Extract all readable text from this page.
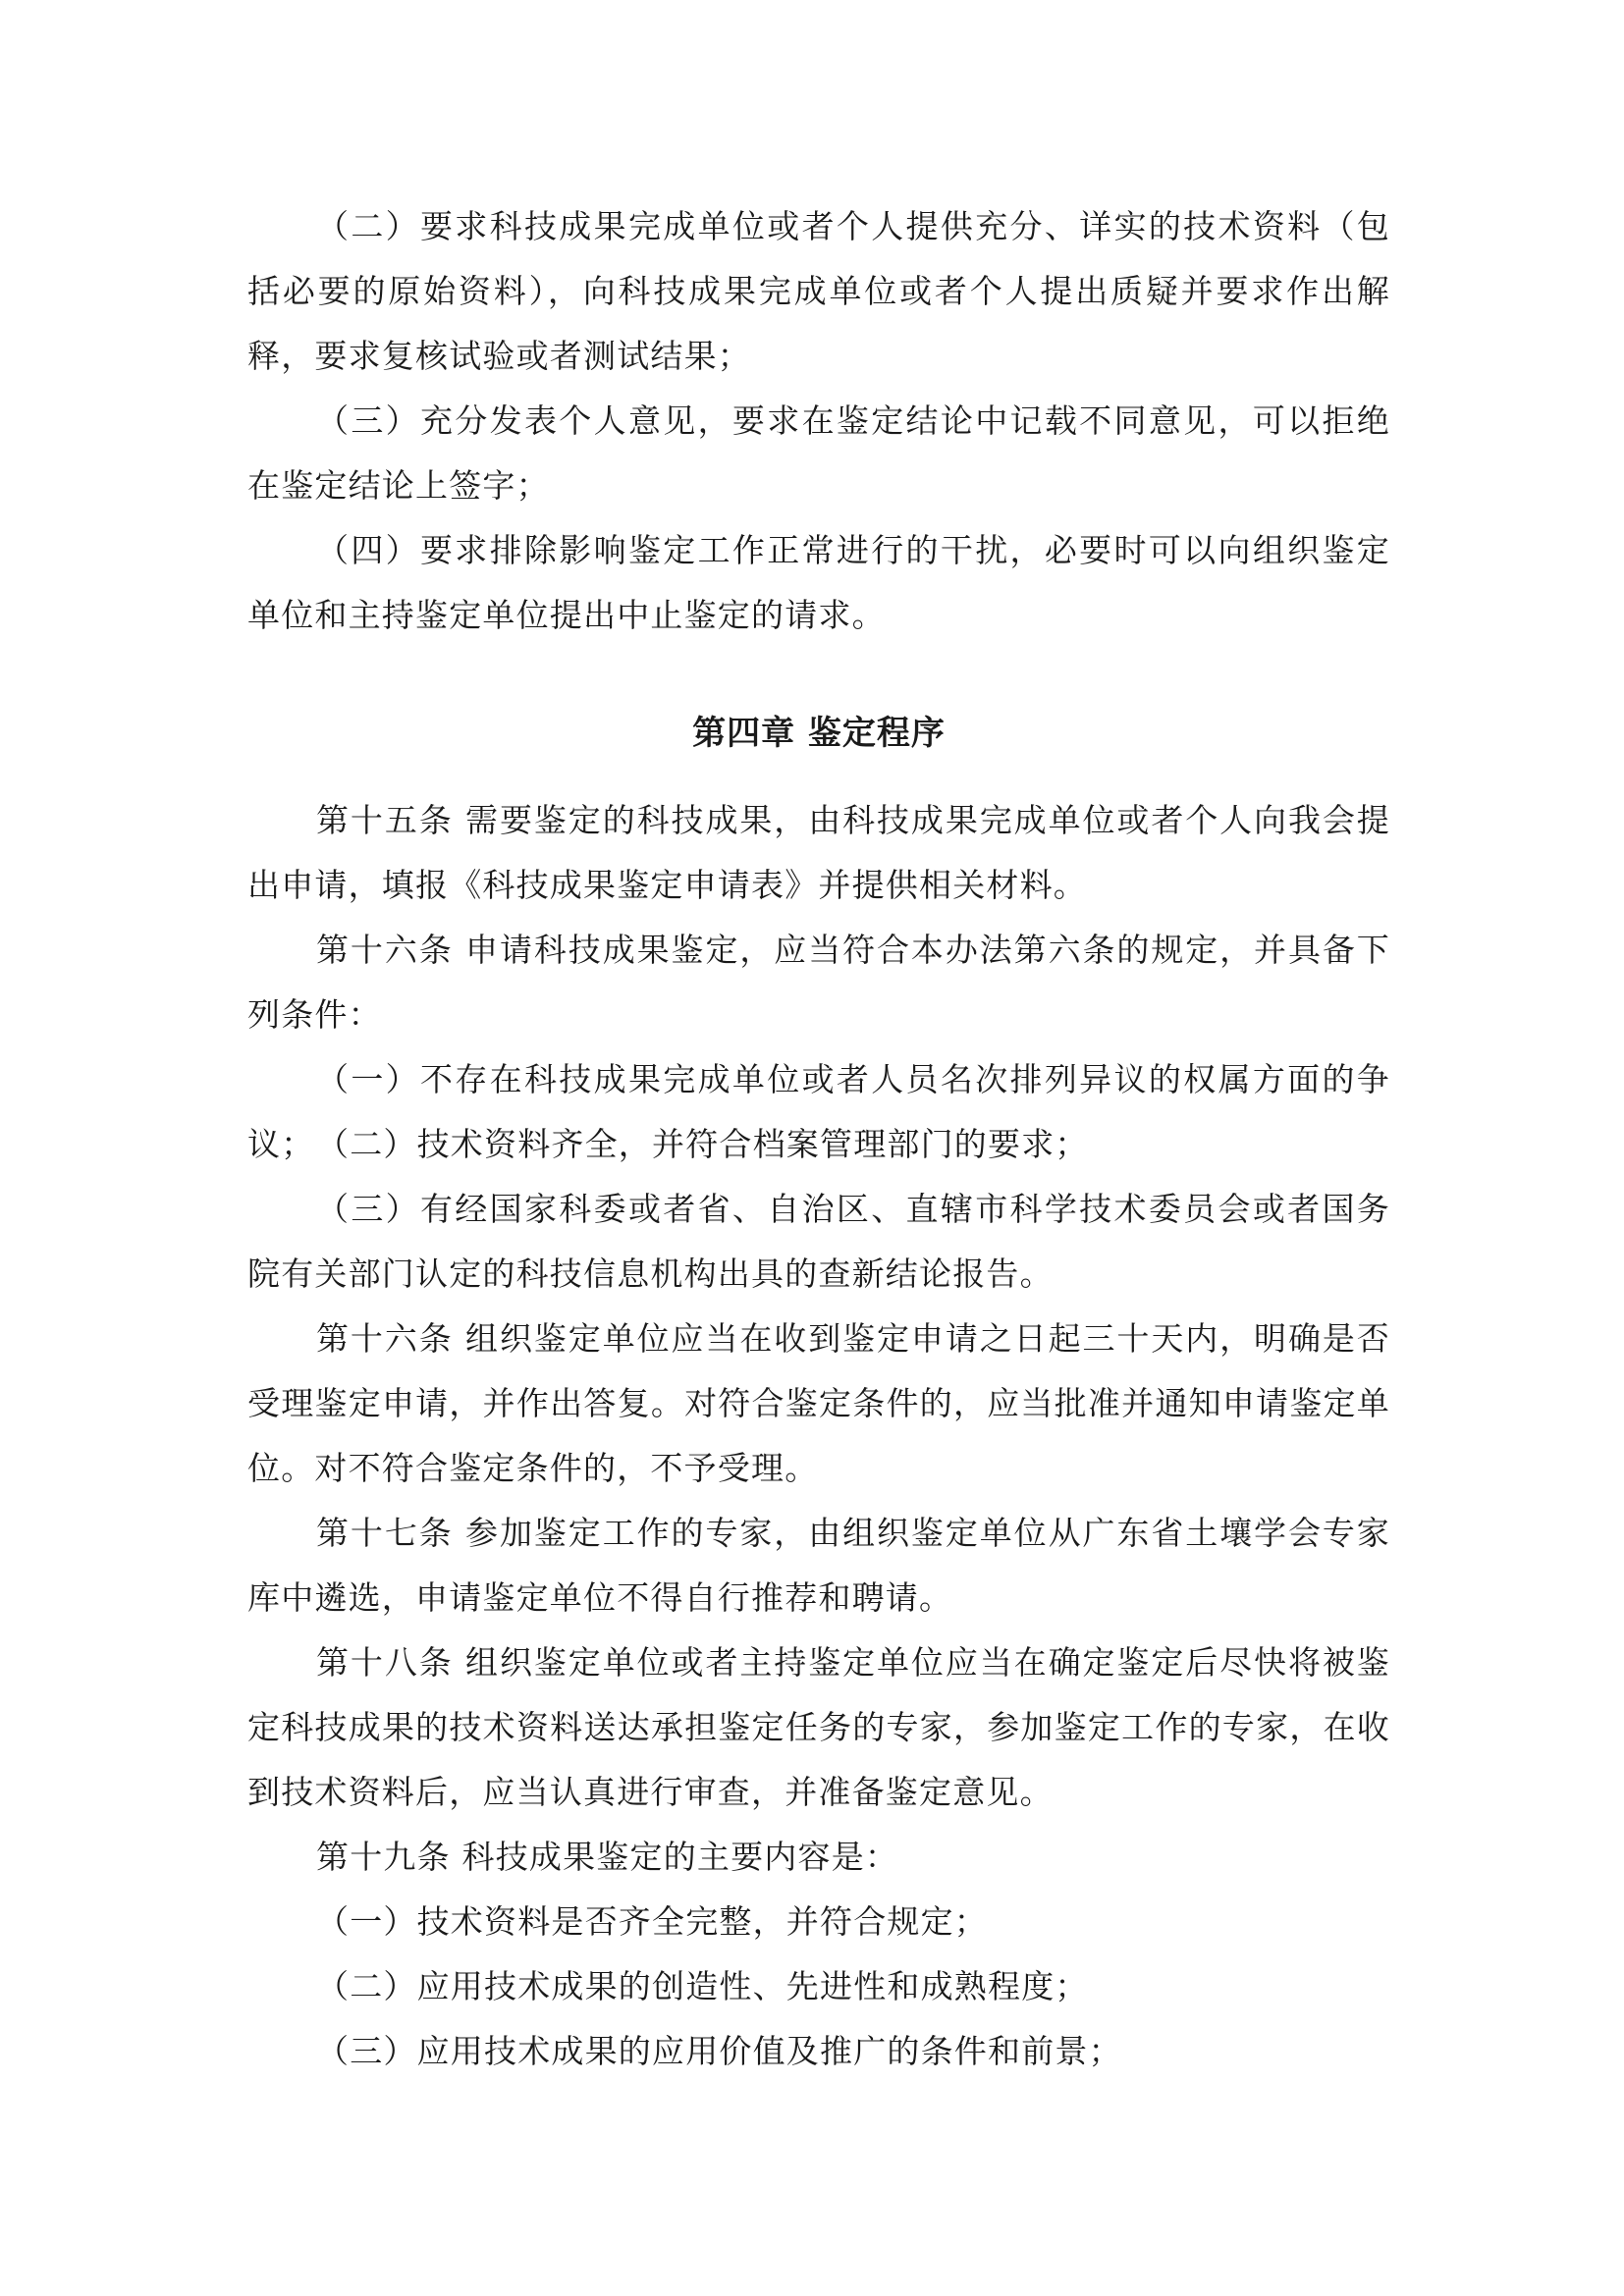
（二）要求科技成果完成单位或者个人提供充分、详实的技术资料（包括必要的原始资料），向科技成果完成单位或者个人提出质疑并要求作出解释，要求复核试验或者测试结果；

（三）充分发表个人意见，要求在鉴定结论中记载不同意见，可以拒绝在鉴定结论上签字；

（四）要求排除影响鉴定工作正常进行的干扰，必要时可以向组织鉴定单位和主持鉴定单位提出中止鉴定的请求。

第四章 鉴定程序

第十五条 需要鉴定的科技成果，由科技成果完成单位或者个人向我会提出申请，填报《科技成果鉴定申请表》并提供相关材料。

第十六条 申请科技成果鉴定，应当符合本办法第六条的规定，并具备下列条件：

（一）不存在科技成果完成单位或者人员名次排列异议的权属方面的争议； （二）技术资料齐全，并符合档案管理部门的要求；

（三）有经国家科委或者省、自治区、直辖市科学技术委员会或者国务院有关部门认定的科技信息机构出具的查新结论报告。

第十六条 组织鉴定单位应当在收到鉴定申请之日起三十天内，明确是否受理鉴定申请，并作出答复。对符合鉴定条件的，应当批准并通知申请鉴定单位。对不符合鉴定条件的，不予受理。

第十七条 参加鉴定工作的专家，由组织鉴定单位从广东省土壤学会专家库中遴选，申请鉴定单位不得自行推荐和聘请。

第十八条 组织鉴定单位或者主持鉴定单位应当在确定鉴定后尽快将被鉴定科技成果的技术资料送达承担鉴定任务的专家，参加鉴定工作的专家，在收到技术资料后，应当认真进行审查，并准备鉴定意见。

第十九条 科技成果鉴定的主要内容是：

（一）技术资料是否齐全完整，并符合规定；

（二）应用技术成果的创造性、先进性和成熟程度；

（三）应用技术成果的应用价值及推广的条件和前景；
